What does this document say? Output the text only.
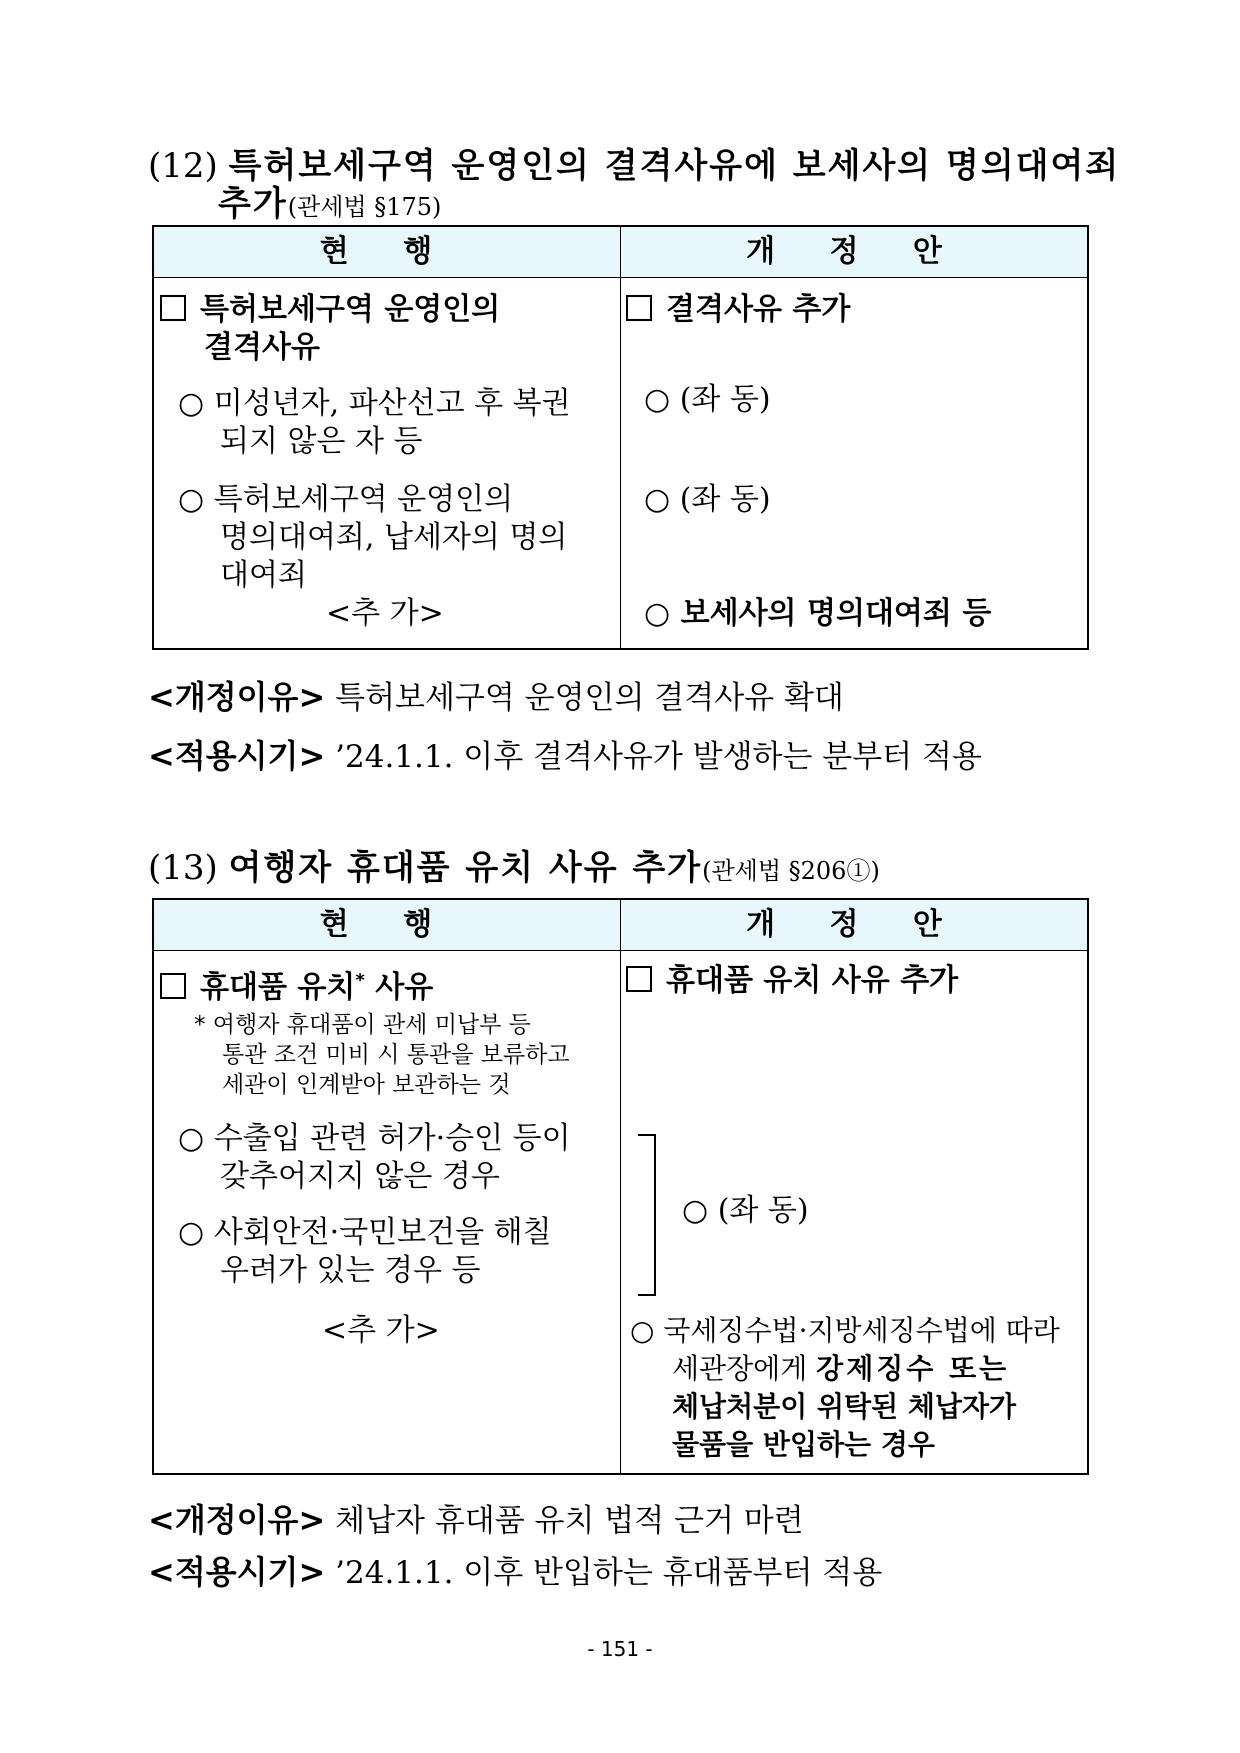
(12) 특허보세구역 운영인의 결격사유에 보세사의 명의대여죄
추가(관세법 §175)
현 행	개 정 안
특허보세구역 운영인의
결격사유
○ 미성년자, 파산선고 후 복권
되지 않은 자 등
○ 특허보세구역 운영인의
명의대여죄, 납세자의 명의
대여죄
<추 가>
결격사유 추가
○ (좌 동)
○ (좌 동)
○ 보세사의 명의대여죄 등
<개정이유> 특허보세구역 운영인의 결격사유 확대
<적용시기> ’24.1.1. 이후 결격사유가 발생하는 분부터 적용
(13) 여행자 휴대품 유치 사유 추가(관세법 §206①)
현 행	개 정 안
휴대품 유치* 사유
* 여행자 휴대품이 관세 미납부 등
통관 조건 미비 시 통관을 보류하고
세관이 인계받아 보관하는 것
○ 수출입 관련 허가·승인 등이
갖추어지지 않은 경우
○ 사회안전·국민보건을 해칠
우려가 있는 경우 등
<추 가>
휴대품 유치 사유 추가
○ (좌 동)
○ 국세징수법·지방세징수법에 따라
세관장에게 강제징수 또는
체납처분이 위탁된 체납자가
물품을 반입하는 경우
<개정이유> 체납자 휴대품 유치 법적 근거 마련
<적용시기> ’24.1.1. 이후 반입하는 휴대품부터 적용
- 151 -
